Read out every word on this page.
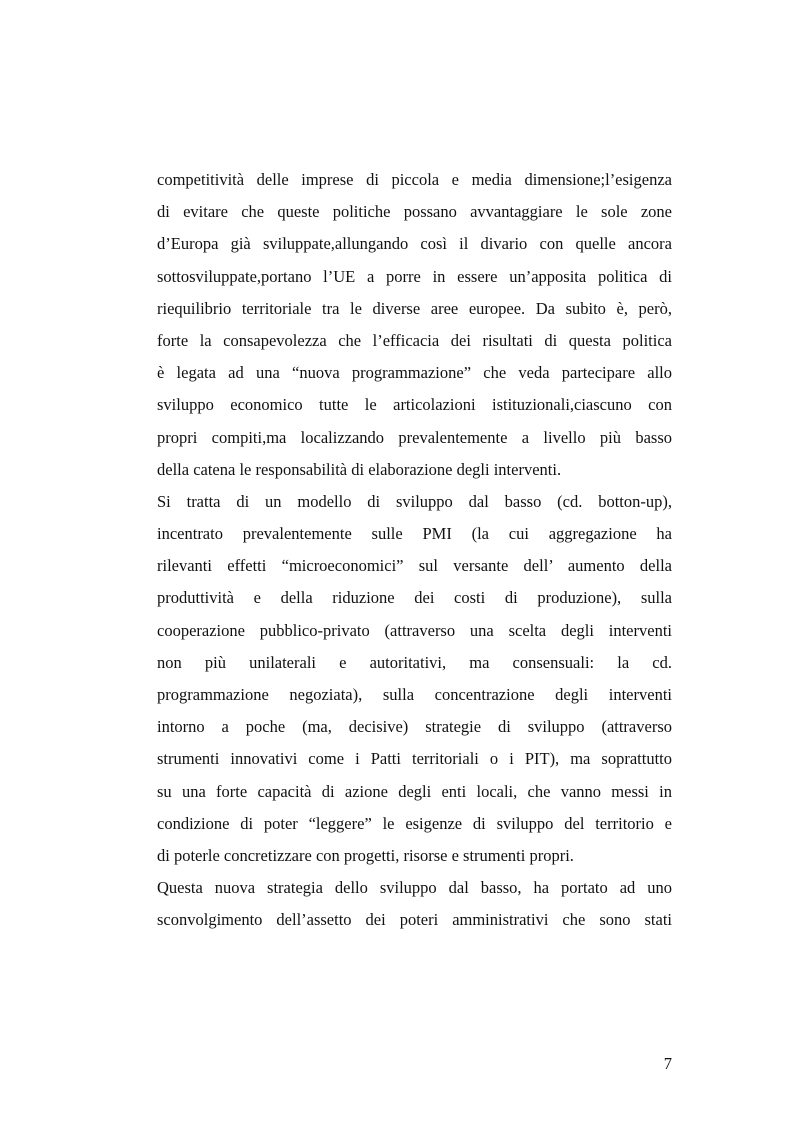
competitività delle imprese di piccola e media dimensione;l’esigenza
di evitare che queste politiche possano avvantaggiare le sole zone
d’Europa già sviluppate,allungando così il divario con quelle ancora
sottosviluppate,portano l’UE a porre in essere un’apposita politica di
riequilibrio territoriale tra le diverse aree europee. Da subito è, però,
forte la consapevolezza che l’efficacia dei risultati di questa politica
è legata ad una “nuova programmazione” che veda partecipare allo
sviluppo economico tutte le articolazioni istituzionali,ciascuno con
propri compiti,ma localizzando prevalentemente a livello più basso
della catena le responsabilità di elaborazione degli interventi.
Si tratta di un modello di sviluppo dal basso (cd. botton-up),
incentrato prevalentemente sulle PMI (la cui aggregazione ha
rilevanti effetti “microeconomici” sul versante dell’ aumento della
produttività e della riduzione dei costi di produzione), sulla
cooperazione pubblico-privato (attraverso una scelta degli interventi
non più unilaterali e autoritativi, ma consensuali: la cd.
programmazione negoziata), sulla concentrazione degli interventi
intorno a poche (ma, decisive) strategie di sviluppo (attraverso
strumenti innovativi come i Patti territoriali o i PIT), ma soprattutto
su una forte capacità di azione degli enti locali, che vanno messi in
condizione di poter “leggere” le esigenze di sviluppo del territorio e
di poterle concretizzare con progetti, risorse e strumenti propri.
Questa nuova strategia dello sviluppo dal basso, ha portato ad uno
sconvolgimento dell’assetto dei poteri amministrativi che sono stati
7
